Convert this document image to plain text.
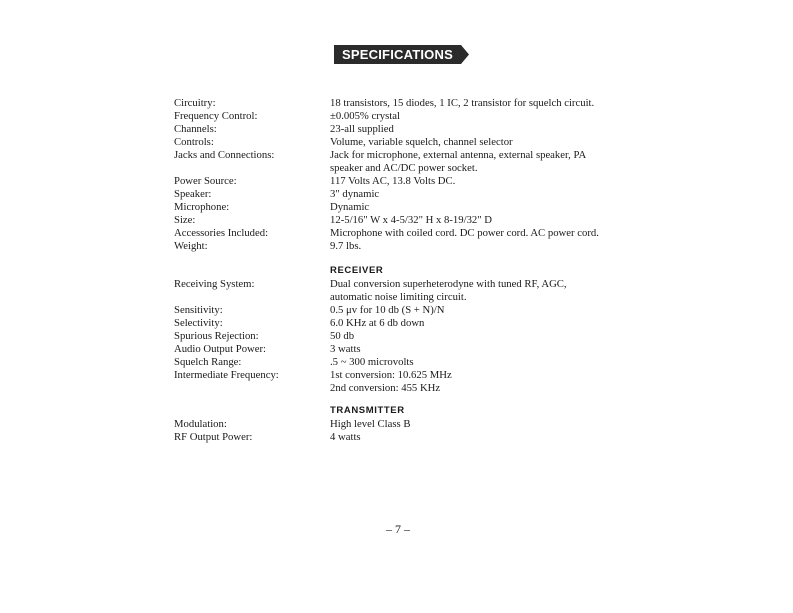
SPECIFICATIONS
Circuitry:	18 transistors, 15 diodes, 1 IC, 2 transistor for squelch circuit.
Frequency Control:	±0.005% crystal
Channels:	23-all supplied
Controls:	Volume, variable squelch, channel selector
Jacks and Connections:	Jack for microphone, external antenna, external speaker, PA
speaker and AC/DC power socket.
Power Source:	117 Volts AC, 13.8 Volts DC.
Speaker:	3" dynamic
Microphone:	Dynamic
Size:	12-5/16" W x 4-5/32" H x 8-19/32" D
Accessories Included:	Microphone with coiled cord. DC power cord. AC power cord.
Weight:	9.7 lbs.
RECEIVER
Receiving System:	Dual conversion superheterodyne with tuned RF, AGC,
automatic noise limiting circuit.
Sensitivity:	0.5 μv for 10 db (S + N)/N
Selectivity:	6.0 KHz at 6 db down
Spurious Rejection:	50 db
Audio Output Power:	3 watts
Squelch Range:	.5 ~ 300 microvolts
Intermediate Frequency:	1st conversion: 10.625 MHz
2nd conversion: 455 KHz
TRANSMITTER
Modulation:	High level Class B
RF Output Power:	4 watts
– 7 –
